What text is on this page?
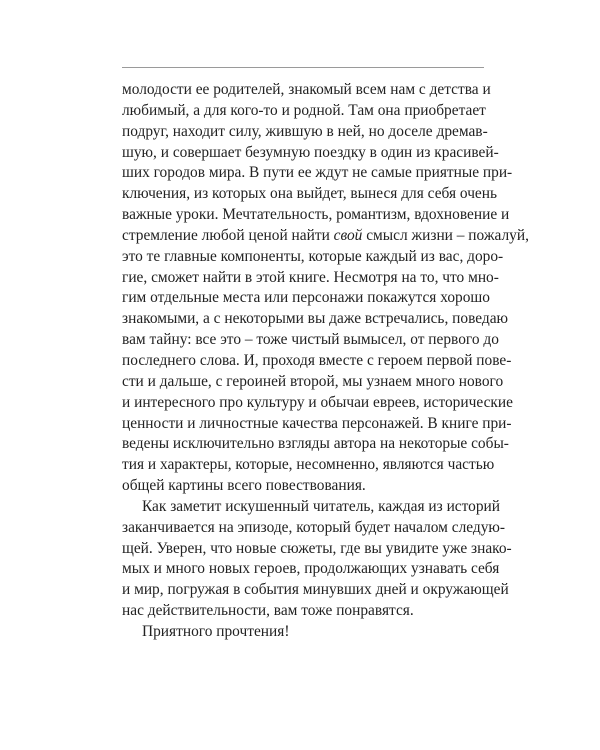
молодости ее родителей, знакомый всем нам с детства и
любимый, а для кого-то и родной. Там она приобретает
подруг, находит силу, жившую в ней, но доселе дремав-
шую, и совершает безумную поездку в один из красивей-
ших городов мира. В пути ее ждут не самые приятные при-
ключения, из которых она выйдет, вынеся для себя очень
важные уроки. Мечтательность, романтизм, вдохновение и
стремление любой ценой найти свой смысл жизни – пожалуй,
это те главные компоненты, которые каждый из вас, доро-
гие, сможет найти в этой книге. Несмотря на то, что мно-
гим отдельные места или персонажи покажутся хорошо
знакомыми, а с некоторыми вы даже встречались, поведаю
вам тайну: все это – тоже чистый вымысел, от первого до
последнего слова. И, проходя вместе с героем первой пове-
сти и дальше, с героиней второй, мы узнаем много нового
и интересного про культуру и обычаи евреев, исторические
ценности и личностные качества персонажей. В книге при-
ведены исключительно взгляды автора на некоторые собы-
тия и характеры, которые, несомненно, являются частью
общей картины всего повествования.
Как заметит искушенный читатель, каждая из историй
заканчивается на эпизоде, который будет началом следую-
щей. Уверен, что новые сюжеты, где вы увидите уже знако-
мых и много новых героев, продолжающих узнавать себя
и мир, погружая в события минувших дней и окружающей
нас действительности, вам тоже понравятся.
Приятного прочтения!
